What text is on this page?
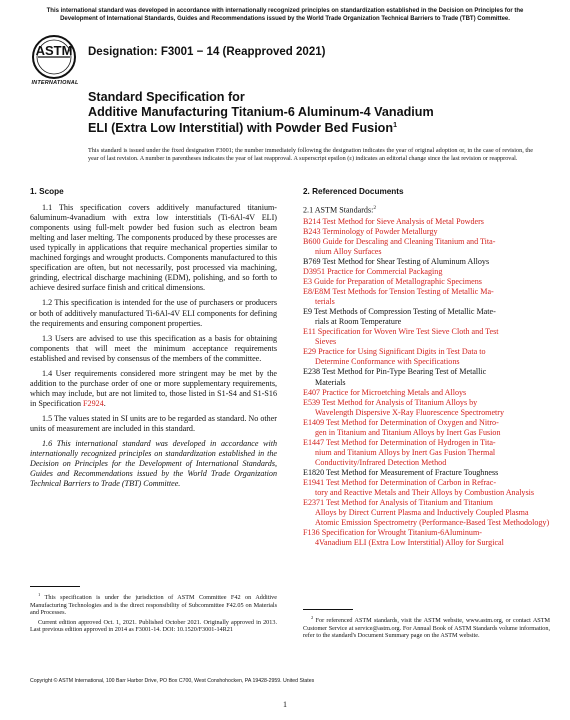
This international standard was developed in accordance with internationally recognized principles on standardization established in the Decision on Principles for the Development of International Standards, Guides and Recommendations issued by the World Trade Organization Technical Barriers to Trade (TBT) Committee.
ASTM
INTERNATIONAL
Designation: F3001 − 14 (Reapproved 2021)
Standard Specification for
Additive Manufacturing Titanium-6 Aluminum-4 Vanadium
ELI (Extra Low Interstitial) with Powder Bed Fusion$^1$
This standard is issued under the fixed designation F3001; the number immediately following the designation indicates the year of original adoption or, in the case of revision, the year of last revision. A number in parentheses indicates the year of last reapproval. A superscript epsilon (ε) indicates an editorial change since the last revision or reapproval.
1. Scope

1.1 This specification covers additively manufactured titanium-6aluminum-4vanadium with extra low interstitials (Ti-6Al-4V ELI) components using full-melt powder bed fusion such as electron beam melting and laser melting. The components produced by these processes are used typically in applications that require mechanical properties similar to machined forgings and wrought products. Components manufactured to this specification are often, but not necessarily, post processed via machining, grinding, electrical discharge machining (EDM), polishing, and so forth to achieve desired surface finish and critical dimensions.

1.2 This specification is intended for the use of purchasers or producers or both of additively manufactured Ti-6Al-4V ELI components for defining the requirements and ensuring component properties.

1.3 Users are advised to use this specification as a basis for obtaining components that will meet the minimum acceptance requirements established and revised by consensus of the members of the committee.

1.4 User requirements considered more stringent may be met by the addition to the purchase order of one or more supplementary requirements, which may include, but are not limited to, those listed in S1-S4 and S1-S16 in Specification F2924.

1.5 The values stated in SI units are to be regarded as standard. No other units of measurement are included in this standard.

1.6 This international standard was developed in accordance with internationally recognized principles on standardization established in the Decision on Principles for the Development of International Standards, Guides and Recommendations issued by the World Trade Organization Technical Barriers to Trade (TBT) Committee.

2. Referenced Documents
2.1 ASTM Standards:$^2$
B214 Test Method for Sieve Analysis of Metal Powders
B243 Terminology of Powder Metallurgy
B600 Guide for Descaling and Cleaning Titanium and Tita-
nium Alloy Surfaces
B769 Test Method for Shear Testing of Aluminum Alloys
D3951 Practice for Commercial Packaging
E3 Guide for Preparation of Metallographic Specimens
E8/E8M Test Methods for Tension Testing of Metallic Ma-
terials
E9 Test Methods of Compression Testing of Metallic Mate-
rials at Room Temperature
E11 Specification for Woven Wire Test Sieve Cloth and Test
Sieves
E29 Practice for Using Significant Digits in Test Data to
Determine Conformance with Specifications
E238 Test Method for Pin-Type Bearing Test of Metallic
Materials
E407 Practice for Microetching Metals and Alloys
E539 Test Method for Analysis of Titanium Alloys by
Wavelength Dispersive X-Ray Fluorescence Spectrometry
E1409 Test Method for Determination of Oxygen and Nitro-
gen in Titanium and Titanium Alloys by Inert Gas Fusion
E1447 Test Method for Determination of Hydrogen in Tita-
nium and Titanium Alloys by Inert Gas Fusion Thermal Conductivity/Infrared Detection Method
E1820 Test Method for Measurement of Fracture Toughness
E1941 Test Method for Determination of Carbon in Refrac-
tory and Reactive Metals and Their Alloys by Combustion Analysis
E2371 Test Method for Analysis of Titanium and Titanium
Alloys by Direct Current Plasma and Inductively Coupled Plasma Atomic Emission Spectrometry (Performance-Based Test Methodology)
F136 Specification for Wrought Titanium-6Aluminum-
4Vanadium ELI (Extra Low Interstitial) Alloy for Surgical

$^1$ This specification is under the jurisdiction of ASTM Committee F42 on Additive Manufacturing Technologies and is the direct responsibility of Subcommittee F42.05 on Materials and Processes.

Current edition approved Oct. 1, 2021. Published October 2021. Originally approved in 2013. Last previous edition approved in 2014 as F3001-14. DOI: 10.1520/F3001-14R21

$^2$ For referenced ASTM standards, visit the ASTM website, www.astm.org, or contact ASTM Customer Service at service@astm.org. For Annual Book of ASTM Standards volume information, refer to the standard's Document Summary page on the ASTM website.

Copyright © ASTM International, 100 Barr Harbor Drive, PO Box C700, West Conshohocken, PA 19428-2959. United States
1
